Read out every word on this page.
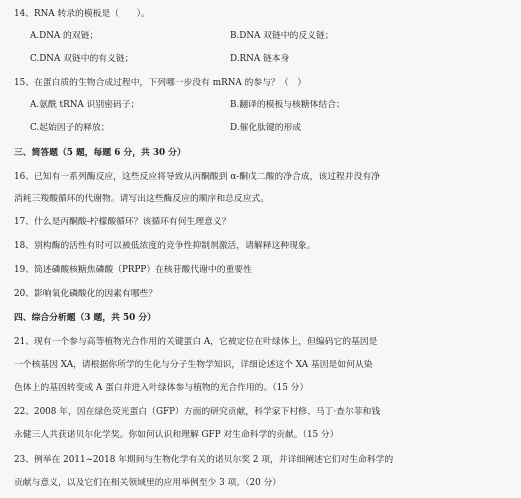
14、RNA 转录的模板是（　　）。
A.DNA 的双链；	B.DNA 双链中的反义链；
C.DNA 双链中的有义链；	D.RNA 链本身
15、在蛋白质的生物合成过程中，下列哪一步没有 mRNA 的参与？（　）
A.氨酰 tRNA 识别密码子；	B.翻译的模板与核糖体结合；
C.起始因子的释放；	D.催化肽键的形成
三、简答题（5 题，每题 6 分，共 30 分）
16、已知有一系列酶反应，这些反应将导致从丙酮酸到 α-酮戊二酸的净合成，该过程并没有净
消耗三羧酸循环的代谢物。请写出这些酶反应的顺序和总反应式。
17、什么是丙酮酸-柠檬酸循环？该循环有何生理意义？
18、别构酶的活性有时可以被低浓度的竞争性抑制剂激活，请解释这种现象。
19、简述磷酸核糖焦磷酸（PRPP）在核苷酸代谢中的重要性
20、影响氧化磷酸化的因素有哪些？
四、综合分析题（3 题，共 50 分）
21、现有一个参与高等植物光合作用的关键蛋白 A，它被定位在叶绿体上，但编码它的基因是
一个核基因 XA，请根据你所学的生化与分子生物学知识，详细论述这个 XA 基因是如何从染
色体上的基因转变成 A 蛋白并进入叶绿体参与植物的光合作用的。（15 分）
22、2008 年，因在绿色荧光蛋白（GFP）方面的研究贡献，科学家下村修、马丁·查尔菲和钱
永健三人共获诺贝尔化学奖。你如何认识和理解 GFP 对生命科学的贡献。（15 分）
23、例举在 2011~2018 年期间与生物化学有关的诺贝尔奖 2 项，并详细阐述它们对生命科学的
贡献与意义，以及它们在相关领域里的应用举例至少 3 项。（20 分）
